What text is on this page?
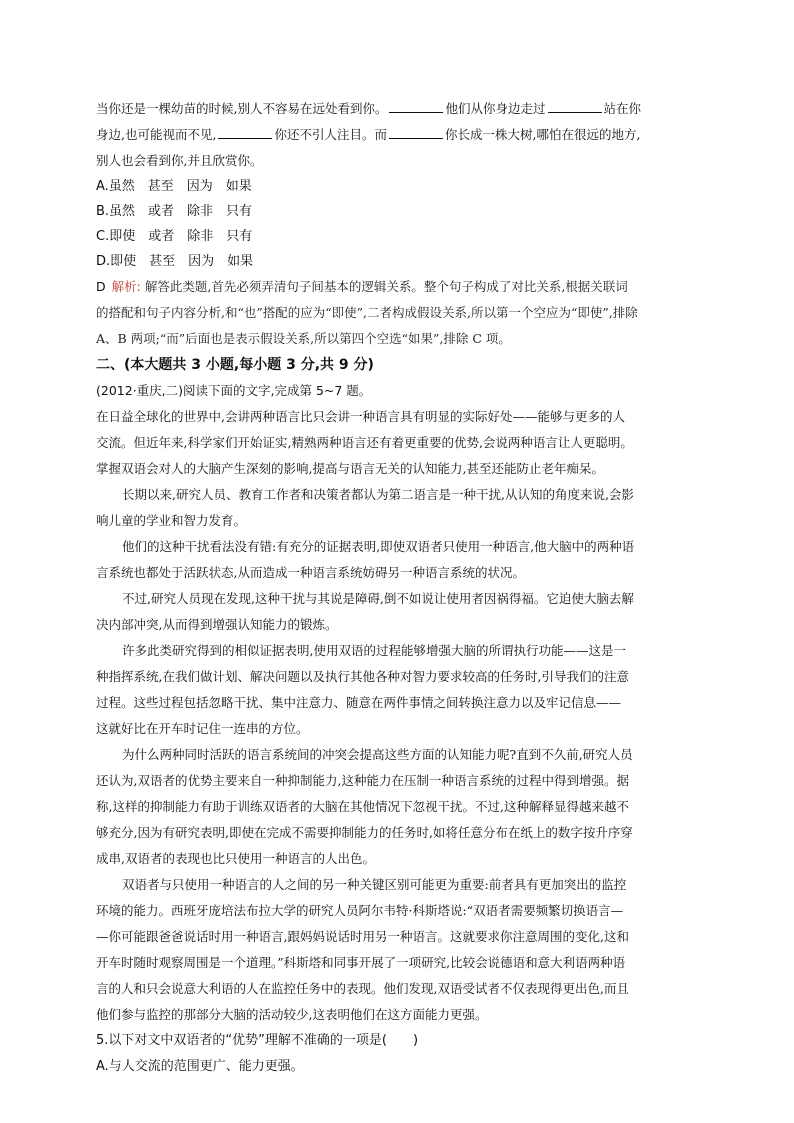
当你还是一棵幼苗的时候,别人不容易在远处看到你。	他们从你身边走过	站在你
身边,也可能视而不见,	你还不引人注目。而	你长成一株大树,哪怕在很远的地方,
别人也会看到你,并且欣赏你。
A.虽然　甚至　因为　如果
B.虽然　或者　除非　只有
C.即使　或者　除非　只有
D.即使　甚至　因为　如果
D 解析: 解答此类题,首先必须弄清句子间基本的逻辑关系。整个句子构成了对比关系,根据关联词
的搭配和句子内容分析,和“也”搭配的应为“即使”,二者构成假设关系,所以第一个空应为“即使”,排除
A、B 两项;“而”后面也是表示假设关系,所以第四个空选“如果”,排除 C 项。
二、(本大题共 3 小题,每小题 3 分,共 9 分)
(2012·重庆,二)阅读下面的文字,完成第 5~7 题。
在日益全球化的世界中,会讲两种语言比只会讲一种语言具有明显的实际好处——能够与更多的人
交流。但近年来,科学家们开始证实,精熟两种语言还有着更重要的优势,会说两种语言让人更聪明。
掌握双语会对人的大脑产生深刻的影响,提高与语言无关的认知能力,甚至还能防止老年痴呆。
长期以来,研究人员、教育工作者和决策者都认为第二语言是一种干扰,从认知的角度来说,会影
响儿童的学业和智力发育。
他们的这种干扰看法没有错:有充分的证据表明,即使双语者只使用一种语言,他大脑中的两种语
言系统也都处于活跃状态,从而造成一种语言系统妨碍另一种语言系统的状况。
不过,研究人员现在发现,这种干扰与其说是障碍,倒不如说让使用者因祸得福。它迫使大脑去解
决内部冲突,从而得到增强认知能力的锻炼。
许多此类研究得到的相似证据表明,使用双语的过程能够增强大脑的所谓执行功能——这是一
种指挥系统,在我们做计划、解决问题以及执行其他各种对智力要求较高的任务时,引导我们的注意
过程。这些过程包括忽略干扰、集中注意力、随意在两件事情之间转换注意力以及牢记信息——
这就好比在开车时记住一连串的方位。
为什么两种同时活跃的语言系统间的冲突会提高这些方面的认知能力呢?直到不久前,研究人员
还认为,双语者的优势主要来自一种抑制能力,这种能力在压制一种语言系统的过程中得到增强。据
称,这样的抑制能力有助于训练双语者的大脑在其他情况下忽视干扰。不过,这种解释显得越来越不
够充分,因为有研究表明,即使在完成不需要抑制能力的任务时,如将任意分布在纸上的数字按升序穿
成串,双语者的表现也比只使用一种语言的人出色。
双语者与只使用一种语言的人之间的另一种关键区别可能更为重要:前者具有更加突出的监控
环境的能力。西班牙庞培法布拉大学的研究人员阿尔韦特·科斯塔说:“双语者需要频繁切换语言—
—你可能跟爸爸说话时用一种语言,跟妈妈说话时用另一种语言。这就要求你注意周围的变化,这和
开车时随时观察周围是一个道理。”科斯塔和同事开展了一项研究,比较会说德语和意大利语两种语
言的人和只会说意大利语的人在监控任务中的表现。他们发现,双语受试者不仅表现得更出色,而且
他们参与监控的那部分大脑的活动较少,这表明他们在这方面能力更强。
5.以下对文中双语者的“优势”理解不准确的一项是(　　)
A.与人交流的范围更广、能力更强。
